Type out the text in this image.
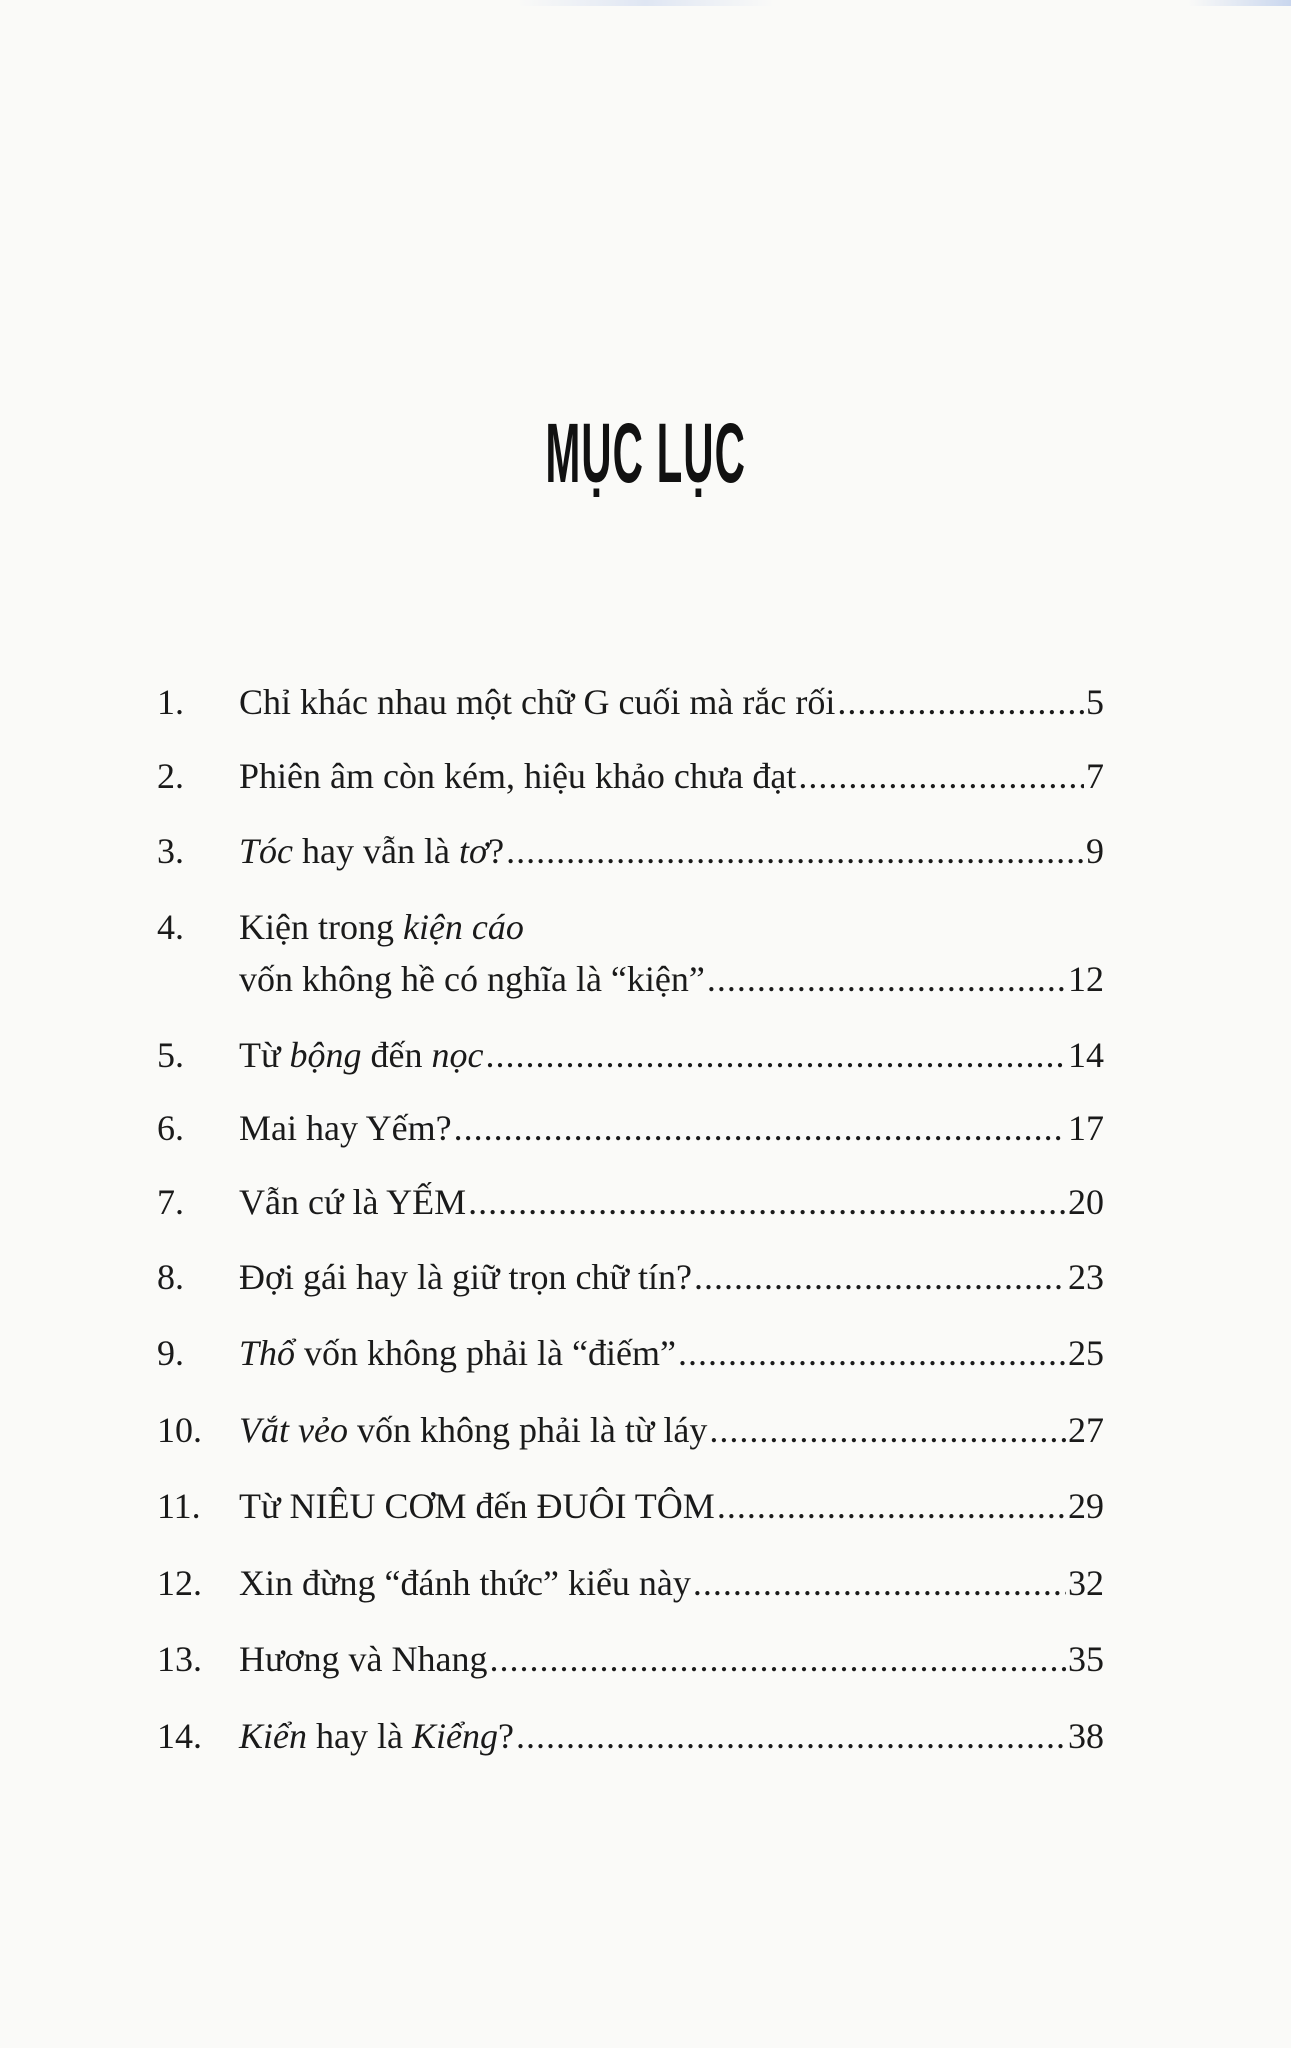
MỤC LỤC
1.	Chỉ khác nhau một chữ G cuối mà rắc rối .....	5
2.	Phiên âm còn kém, hiệu khảo chưa đạt .....	7
3.	Tóc hay vẫn là tơ? .....	9
4.	Kiện trong kiện cáo
vốn không hề có nghĩa là “kiện” .....	12
5.	Từ bộng đến nọc .....	14
6.	Mai hay Yếm? .....	17
7.	Vẫn cứ là YẾM .....	20
8.	Đợi gái hay là giữ trọn chữ tín? .....	23
9.	Thổ vốn không phải là “điếm” .....	25
10.	Vắt vẻo vốn không phải là từ láy .....	27
11.	Từ NIÊU CƠM đến ĐUÔI TÔM .....	29
12.	Xin đừng “đánh thức” kiểu này .....	32
13.	Hương và Nhang .....	35
14.	Kiển hay là Kiểng? .....	38
